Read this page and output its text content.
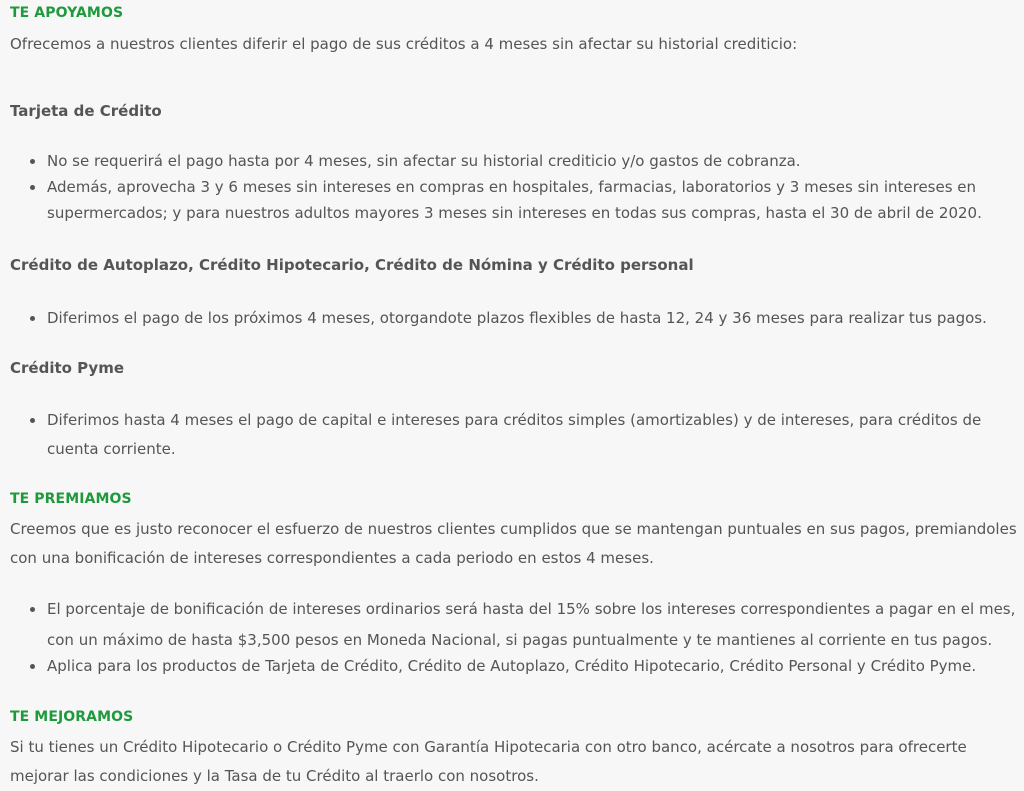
TE APOYAMOS
Ofrecemos a nuestros clientes diferir el pago de sus créditos a 4 meses sin afectar su historial crediticio:
Tarjeta de Crédito
No se requerirá el pago hasta por 4 meses, sin afectar su historial crediticio y/o gastos de cobranza.
Además, aprovecha 3 y 6 meses sin intereses en compras en hospitales, farmacias, laboratorios y 3 meses sin intereses en supermercados; y para nuestros adultos mayores 3 meses sin intereses en todas sus compras, hasta el 30 de abril de 2020.
Crédito de Autoplazo, Crédito Hipotecario, Crédito de Nómina y Crédito personal
Diferimos el pago de los próximos 4 meses, otorgandote plazos flexibles de hasta 12, 24 y 36 meses para realizar tus pagos.
Crédito Pyme
Diferimos hasta 4 meses el pago de capital e intereses para créditos simples (amortizables) y de intereses, para créditos de cuenta corriente.
TE PREMIAMOS
Creemos que es justo reconocer el esfuerzo de nuestros clientes cumplidos que se mantengan puntuales en sus pagos, premiandoles con una bonificación de intereses correspondientes a cada periodo en estos 4 meses.
El porcentaje de bonificación de intereses ordinarios será hasta del 15% sobre los intereses correspondientes a pagar en el mes, con un máximo de hasta $3,500 pesos en Moneda Nacional, si pagas puntualmente y te mantienes al corriente en tus pagos.
Aplica para los productos de Tarjeta de Crédito, Crédito de Autoplazo, Crédito Hipotecario, Crédito Personal y Crédito Pyme.
TE MEJORAMOS
Si tu tienes un Crédito Hipotecario o Crédito Pyme con Garantía Hipotecaria con otro banco, acércate a nosotros para ofrecerte mejorar las condiciones y la Tasa de tu Crédito al traerlo con nosotros.
